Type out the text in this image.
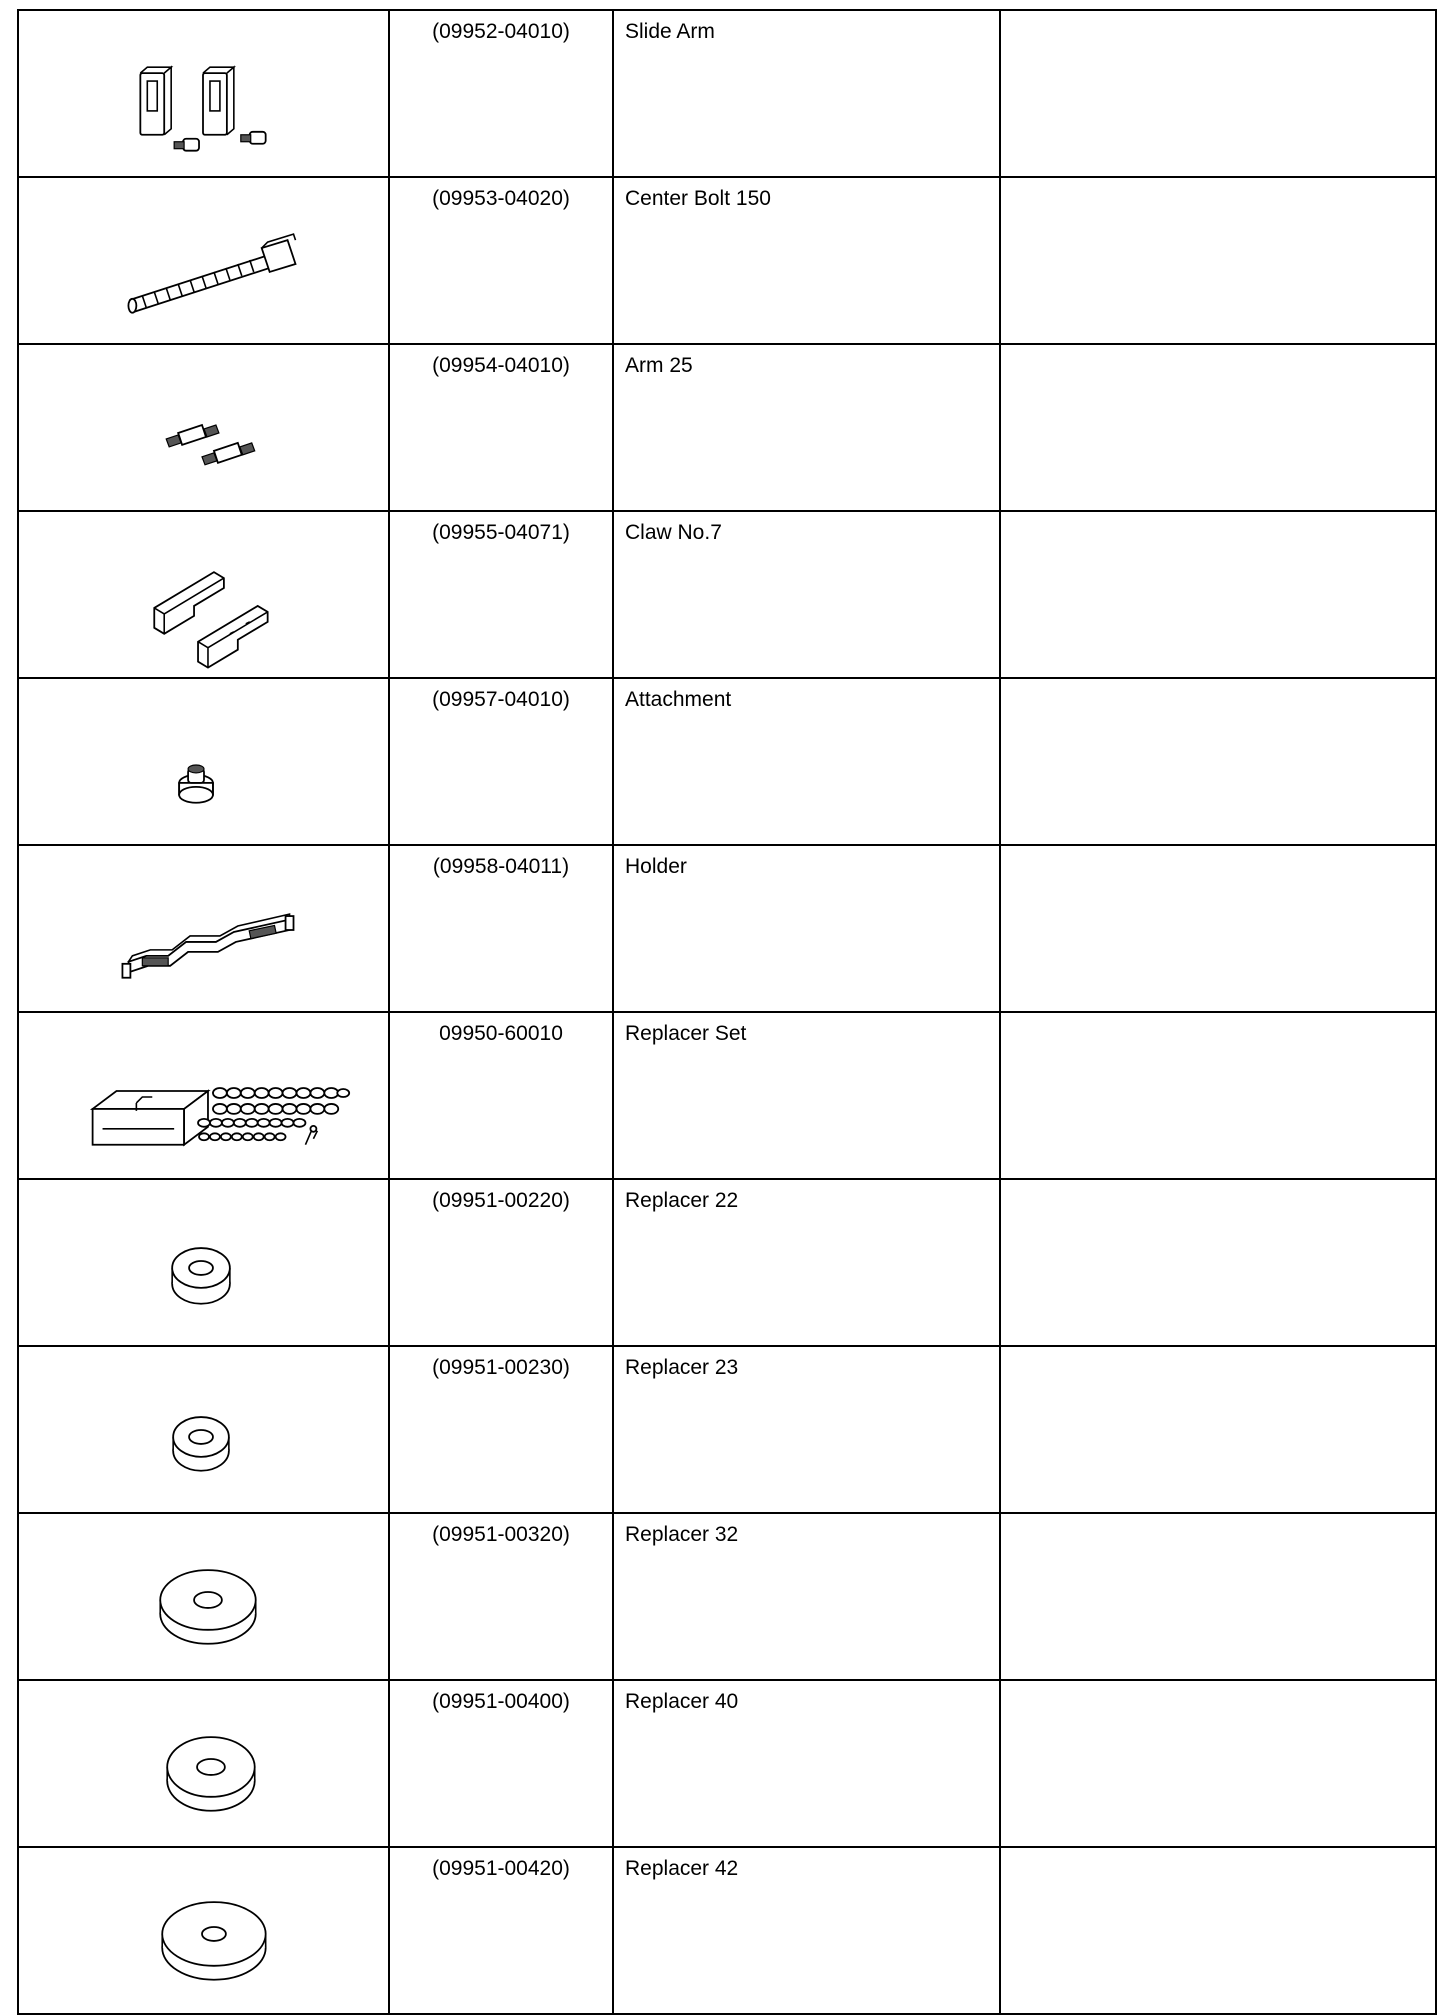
	(09952-04010)	Slide Arm	

	(09953-04020)	Center Bolt 150	

	(09954-04010)	Arm 25	

	(09955-04071)	Claw No.7	

	(09957-04010)	Attachment	

	(09958-04011)	Holder	

	09950-60010	Replacer Set	

	(09951-00220)	Replacer 22	

	(09951-00230)	Replacer 23	

	(09951-00320)	Replacer 32	

	(09951-00400)	Replacer 40	

	(09951-00420)	Replacer 42	
